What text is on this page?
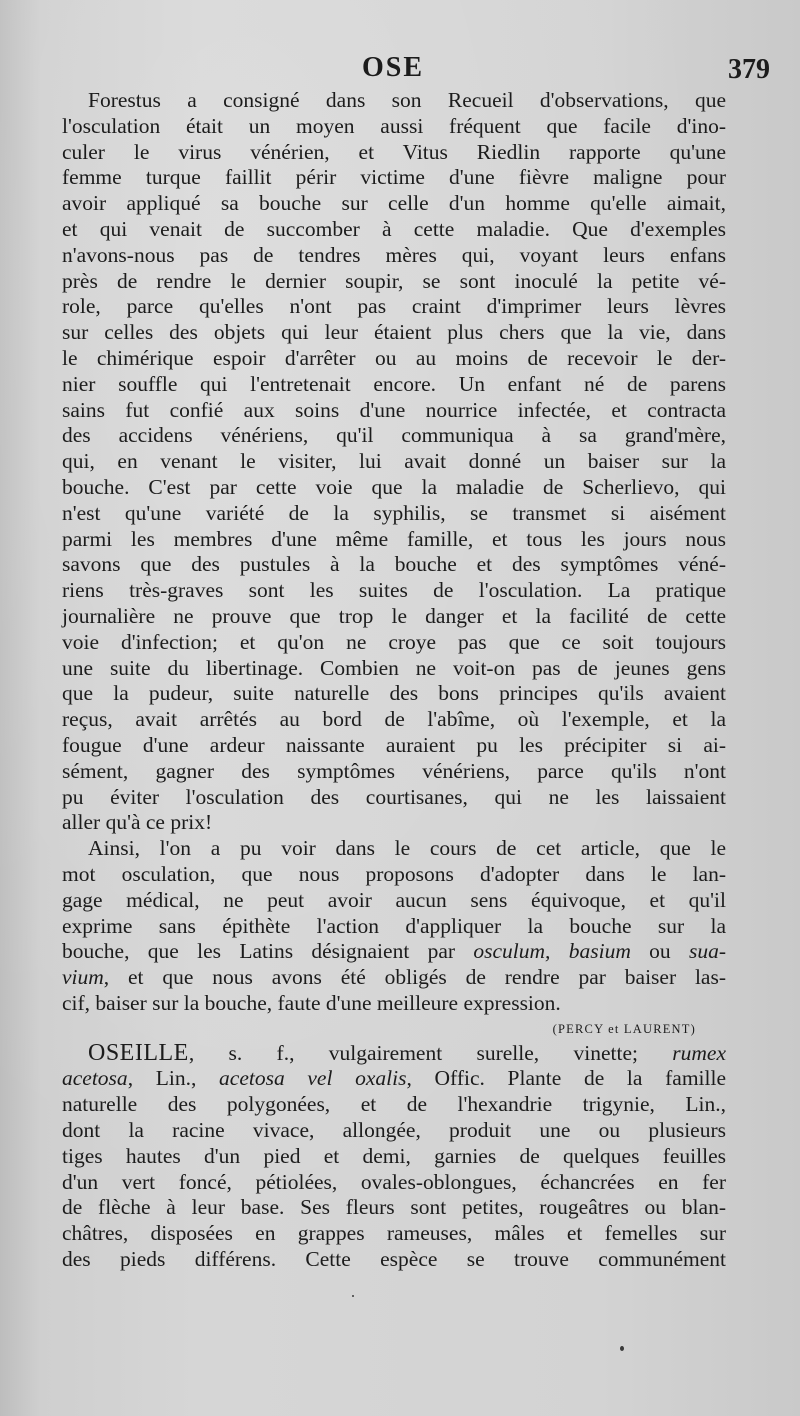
OSE	379
Forestus a consigné dans son Recueil d'observations, que
l'osculation était un moyen aussi fréquent que facile d'ino-
culer le virus vénérien, et Vitus Riedlin rapporte qu'une
femme turque faillit périr victime d'une fièvre maligne pour
avoir appliqué sa bouche sur celle d'un homme qu'elle aimait,
et qui venait de succomber à cette maladie. Que d'exemples
n'avons-nous pas de tendres mères qui, voyant leurs enfans
près de rendre le dernier soupir, se sont inoculé la petite vé-
role, parce qu'elles n'ont pas craint d'imprimer leurs lèvres
sur celles des objets qui leur étaient plus chers que la vie, dans
le chimérique espoir d'arrêter ou au moins de recevoir le der-
nier souffle qui l'entretenait encore. Un enfant né de parens
sains fut confié aux soins d'une nourrice infectée, et contracta
des accidens vénériens, qu'il communiqua à sa grand'mère,
qui, en venant le visiter, lui avait donné un baiser sur la
bouche. C'est par cette voie que la maladie de Scherlievo, qui
n'est qu'une variété de la syphilis, se transmet si aisément
parmi les membres d'une même famille, et tous les jours nous
savons que des pustules à la bouche et des symptômes véné-
riens très-graves sont les suites de l'osculation. La pratique
journalière ne prouve que trop le danger et la facilité de cette
voie d'infection; et qu'on ne croye pas que ce soit toujours
une suite du libertinage. Combien ne voit-on pas de jeunes gens
que la pudeur, suite naturelle des bons principes qu'ils avaient
reçus, avait arrêtés au bord de l'abîme, où l'exemple, et la
fougue d'une ardeur naissante auraient pu les précipiter si ai-
sément, gagner des symptômes vénériens, parce qu'ils n'ont
pu éviter l'osculation des courtisanes, qui ne les laissaient
aller qu'à ce prix!
Ainsi, l'on a pu voir dans le cours de cet article, que le
mot osculation, que nous proposons d'adopter dans le lan-
gage médical, ne peut avoir aucun sens équivoque, et qu'il
exprime sans épithète l'action d'appliquer la bouche sur la
bouche, que les Latins désignaient par osculum, basium ou sua-
vium, et que nous avons été obligés de rendre par baiser las-
cif, baiser sur la bouche, faute d'une meilleure expression.
(PERCY et LAURENT)
OSEILLE, s. f., vulgairement surelle, vinette; rumex
acetosa, Lin., acetosa vel oxalis, Offic. Plante de la famille
naturelle des polygonées, et de l'hexandrie trigynie, Lin.,
dont la racine vivace, allongée, produit une ou plusieurs
tiges hautes d'un pied et demi, garnies de quelques feuilles
d'un vert foncé, pétiolées, ovales-oblongues, échancrées en fer
de flèche à leur base. Ses fleurs sont petites, rougeâtres ou blan-
châtres, disposées en grappes rameuses, mâles et femelles sur
des pieds différens. Cette espèce se trouve communément
